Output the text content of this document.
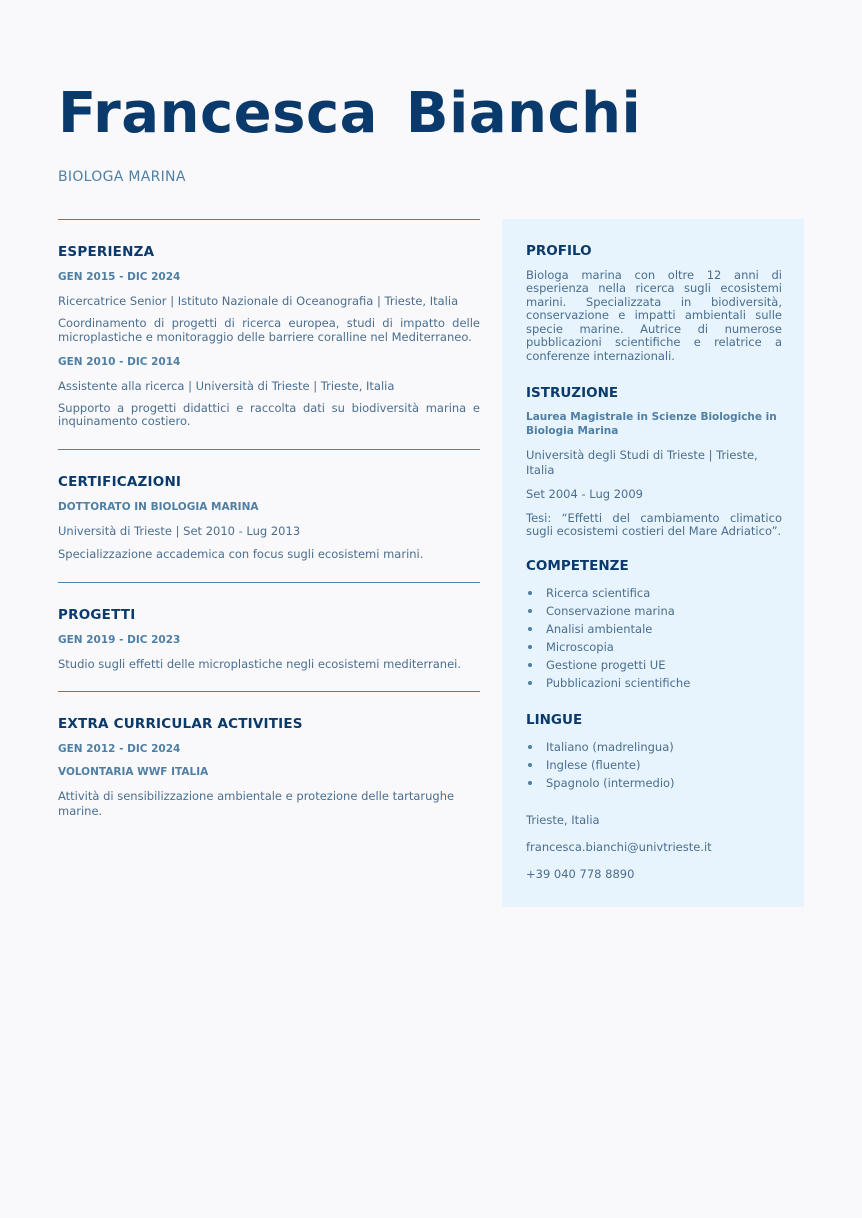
Francesca Bianchi
BIOLOGA MARINA
ESPERIENZA
GEN 2015 - DIC 2024
Ricercatrice Senior | Istituto Nazionale di Oceanografia | Trieste, Italia
Coordinamento di progetti di ricerca europea, studi di impatto delle microplastiche e monitoraggio delle barriere coralline nel Mediterraneo.
GEN 2010 - DIC 2014
Assistente alla ricerca | Università di Trieste | Trieste, Italia
Supporto a progetti didattici e raccolta dati su biodiversità marina e inquinamento costiero.
CERTIFICAZIONI
DOTTORATO IN BIOLOGIA MARINA
Università di Trieste | Set 2010 - Lug 2013
Specializzazione accademica con focus sugli ecosistemi marini.
PROGETTI
GEN 2019 - DIC 2023
Studio sugli effetti delle microplastiche negli ecosistemi mediterranei.
EXTRA CURRICULAR ACTIVITIES
GEN 2012 - DIC 2024
VOLONTARIA WWF ITALIA
Attività di sensibilizzazione ambientale e protezione delle tartarughe marine.
PROFILO

Biologa marina con oltre 12 anni di esperienza nella ricerca sugli ecosistemi marini. Specializzata in biodiversità, conservazione e impatti ambientali sulle specie marine. Autrice di numerose pubblicazioni scientifiche e relatrice a conferenze internazionali.

ISTRUZIONE
Laurea Magistrale in Scienze Biologiche in Biologia Marina
Università degli Studi di Trieste | Trieste, Italia
Set 2004 - Lug 2009

Tesi: “Effetti del cambiamento climatico sugli ecosistemi costieri del Mare Adriatico”.

COMPETENZE
Ricerca scientifica
Conservazione marina
Analisi ambientale
Microscopia
Gestione progetti UE
Pubblicazioni scientifiche
LINGUE
Italiano (madrelingua)
Inglese (fluente)
Spagnolo (intermedio)
Trieste, Italia
francesca.bianchi@univtrieste.it
+39 040 778 8890
